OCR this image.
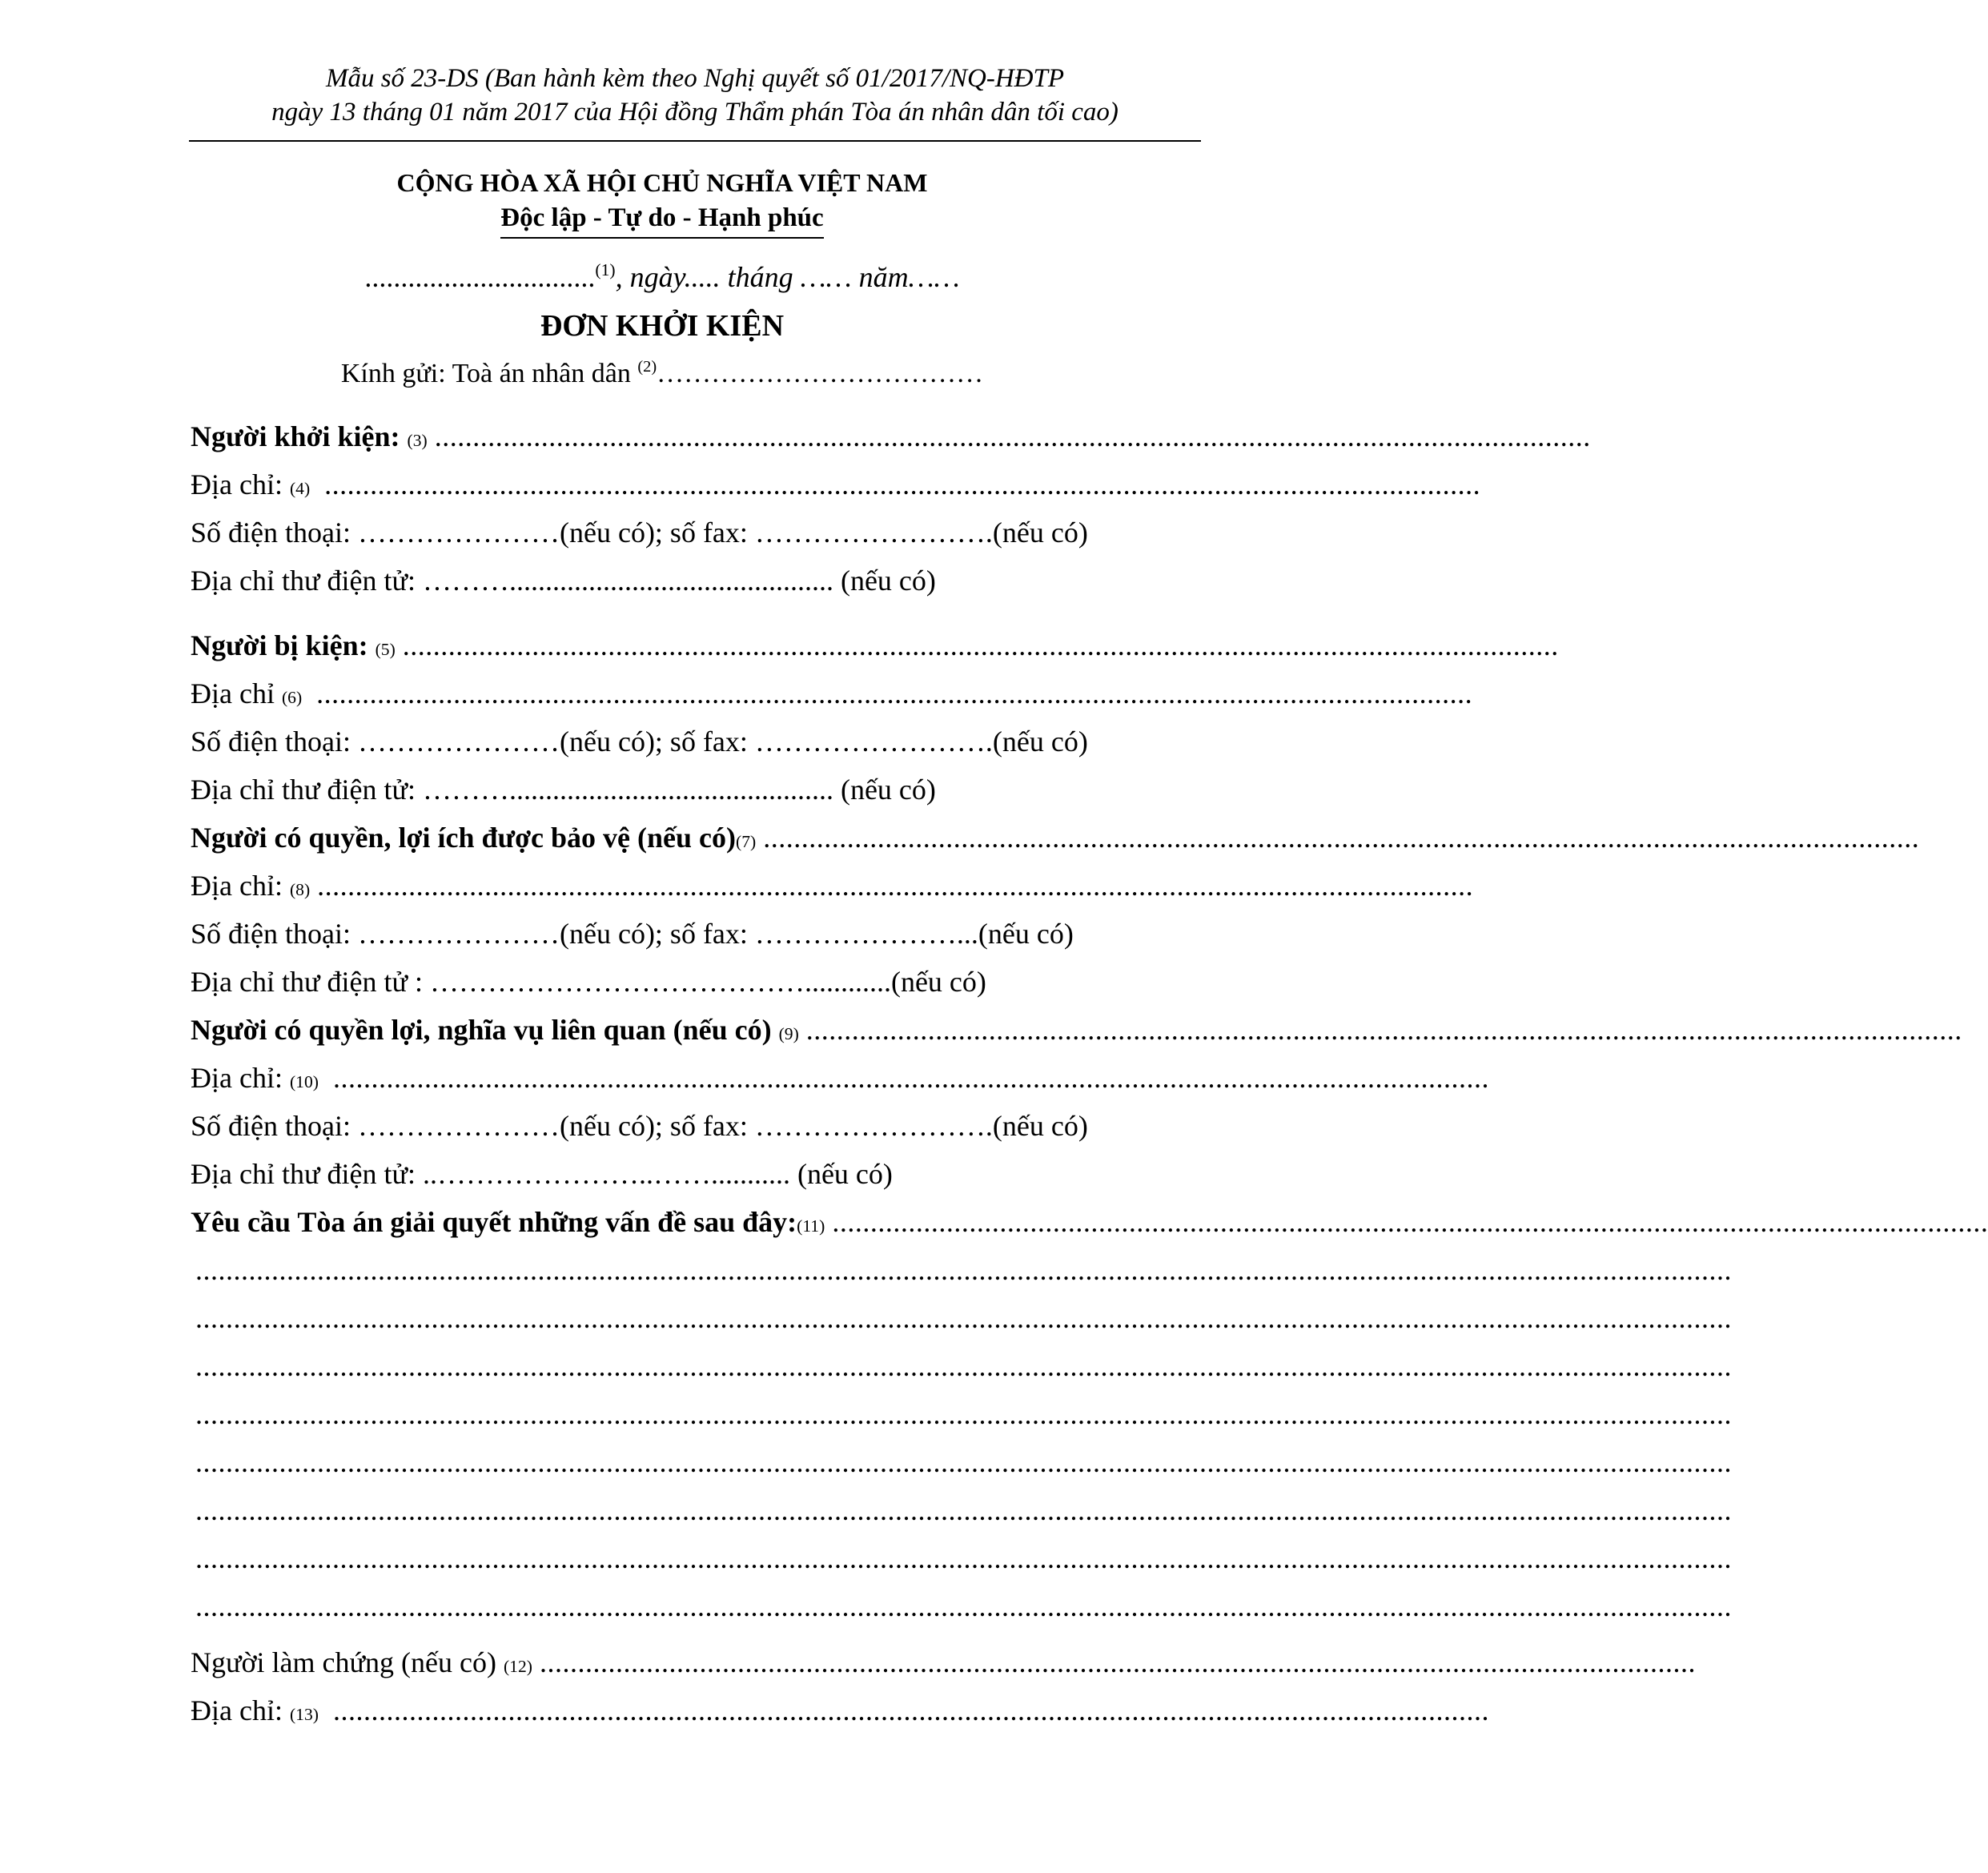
Mẫu số 23-DS (Ban hành kèm theo Nghị quyết số 01/2017/NQ-HĐTP
ngày 13 tháng 01 năm 2017 của Hội đồng Thẩm phán Tòa án nhân dân tối cao)
CỘNG HÒA XÃ HỘI CHỦ NGHĨA VIỆT NAM
Độc lập - Tự do - Hạnh phúc
................................$^{(1)}$, ngày..... tháng …… năm……
ĐƠN KHỞI KIỆN
Kính gửi: Toà án nhân dân $^{(2)}$………………………………
Người khởi kiện:
(3)
........................................................................................................................................................
Địa chỉ:
(4)
........................................................................................................................................................
Số điện thoại:
………………… (nếu có); số fax:
……………………. (nếu có)
Địa chỉ thư điện tử:
……….............................................
(nếu có)
Người bị kiện:
(5)
........................................................................................................................................................
Địa chỉ
(6)
........................................................................................................................................................
Số điện thoại:
………………… (nếu có); số fax:
……………………. (nếu có)
Địa chỉ thư điện tử:
……….............................................
(nếu có)
Người có quyền, lợi ích được bảo vệ (nếu có) (7)
........................................................................................................................................................
Địa chỉ:
(8)
........................................................................................................................................................
Số điện thoại:
………………… (nếu có); số fax:
…………………... (nếu có)
Địa chỉ thư điện tử :
…………………………………............ (nếu có)
Người có quyền lợi, nghĩa vụ liên quan (nếu có)
(9)
........................................................................................................................................................
Địa chỉ:
(10)
........................................................................................................................................................
Số điện thoại:
………………… (nếu có); số fax:
……………………. (nếu có)
Địa chỉ thư điện tử:
..…………………..……...........
(nếu có)
Yêu cầu Tòa án giải quyết những vấn đề sau đây: (11)
........................................................................................................................................................
..........................................................................................................................................................................................................
..........................................................................................................................................................................................................
..........................................................................................................................................................................................................
..........................................................................................................................................................................................................
..........................................................................................................................................................................................................
..........................................................................................................................................................................................................
..........................................................................................................................................................................................................
..........................................................................................................................................................................................................
Người làm chứng (nếu có)
(12)
........................................................................................................................................................
Địa chỉ:
(13)
........................................................................................................................................................
